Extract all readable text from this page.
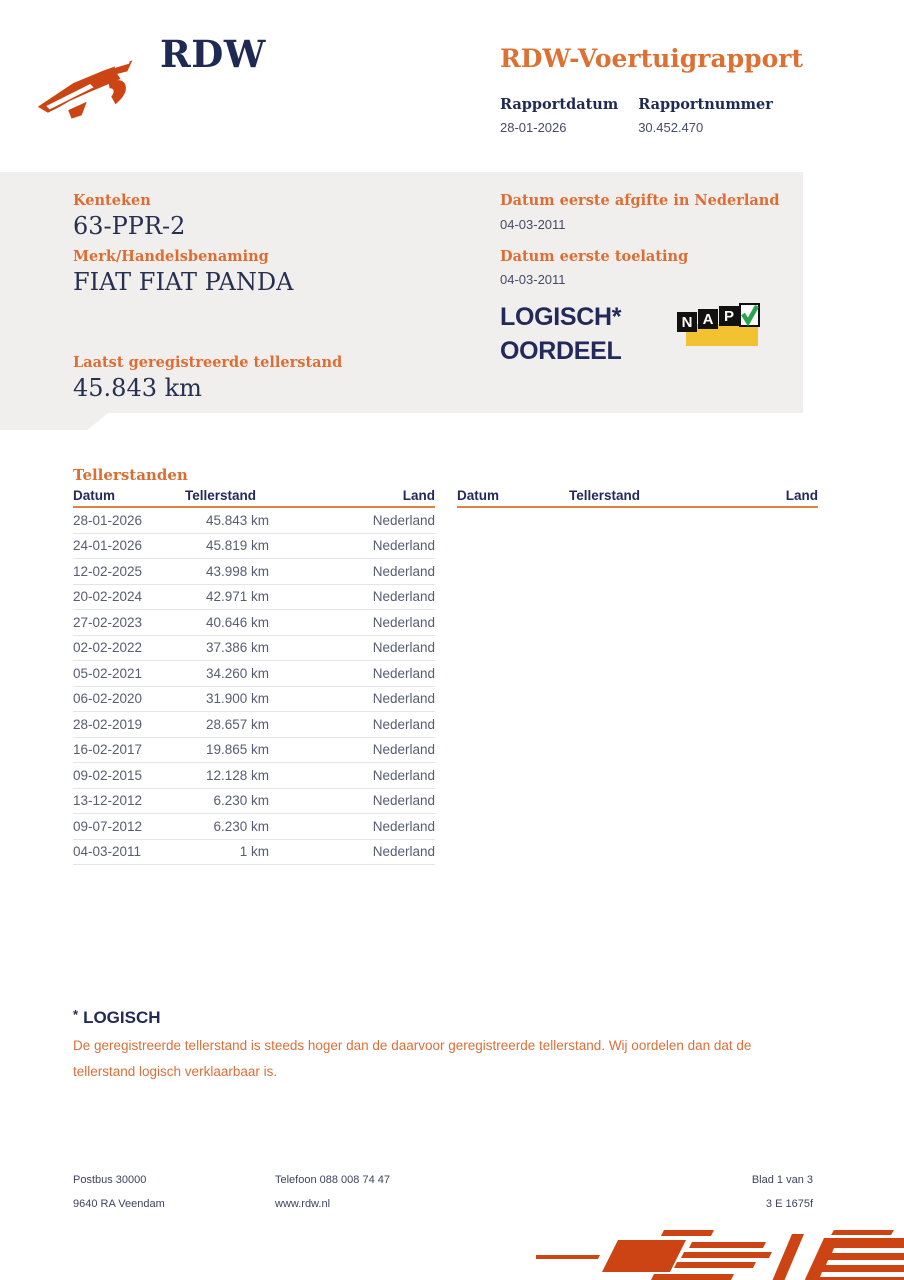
RDW	RDW-Voertuigrapport
Rapportdatum
28-01-2026
Rapportnummer
30.452.470
Kenteken
63-PPR-2
Merk/Handelsbenaming
FIAT FIAT PANDA
Laatst geregistreerde tellerstand
45.843 km
Datum eerste afgifte in Nederland
04-03-2011
Datum eerste toelating
04-03-2011
LOGISCH*
OORDEEL
N A P
Tellerstanden
Datum	Tellerstand	Land
28-01-2026	45.843 km	Nederland
24-01-2026	45.819 km	Nederland
12-02-2025	43.998 km	Nederland
20-02-2024	42.971 km	Nederland
27-02-2023	40.646 km	Nederland
02-02-2022	37.386 km	Nederland
05-02-2021	34.260 km	Nederland
06-02-2020	31.900 km	Nederland
28-02-2019	28.657 km	Nederland
16-02-2017	19.865 km	Nederland
09-02-2015	12.128 km	Nederland
13-12-2012	6.230 km	Nederland
09-07-2012	6.230 km	Nederland
04-03-2011	1 km	Nederland
Datum	Tellerstand	Land
* LOGISCH
De geregistreerde tellerstand is steeds hoger dan de daarvoor geregistreerde tellerstand. Wij oordelen dan dat de tellerstand logisch verklaarbaar is.
Postbus 30000
9640 RA Veendam
Telefoon 088 008 74 47
www.rdw.nl
Blad 1 van 3
3 E 1675f
